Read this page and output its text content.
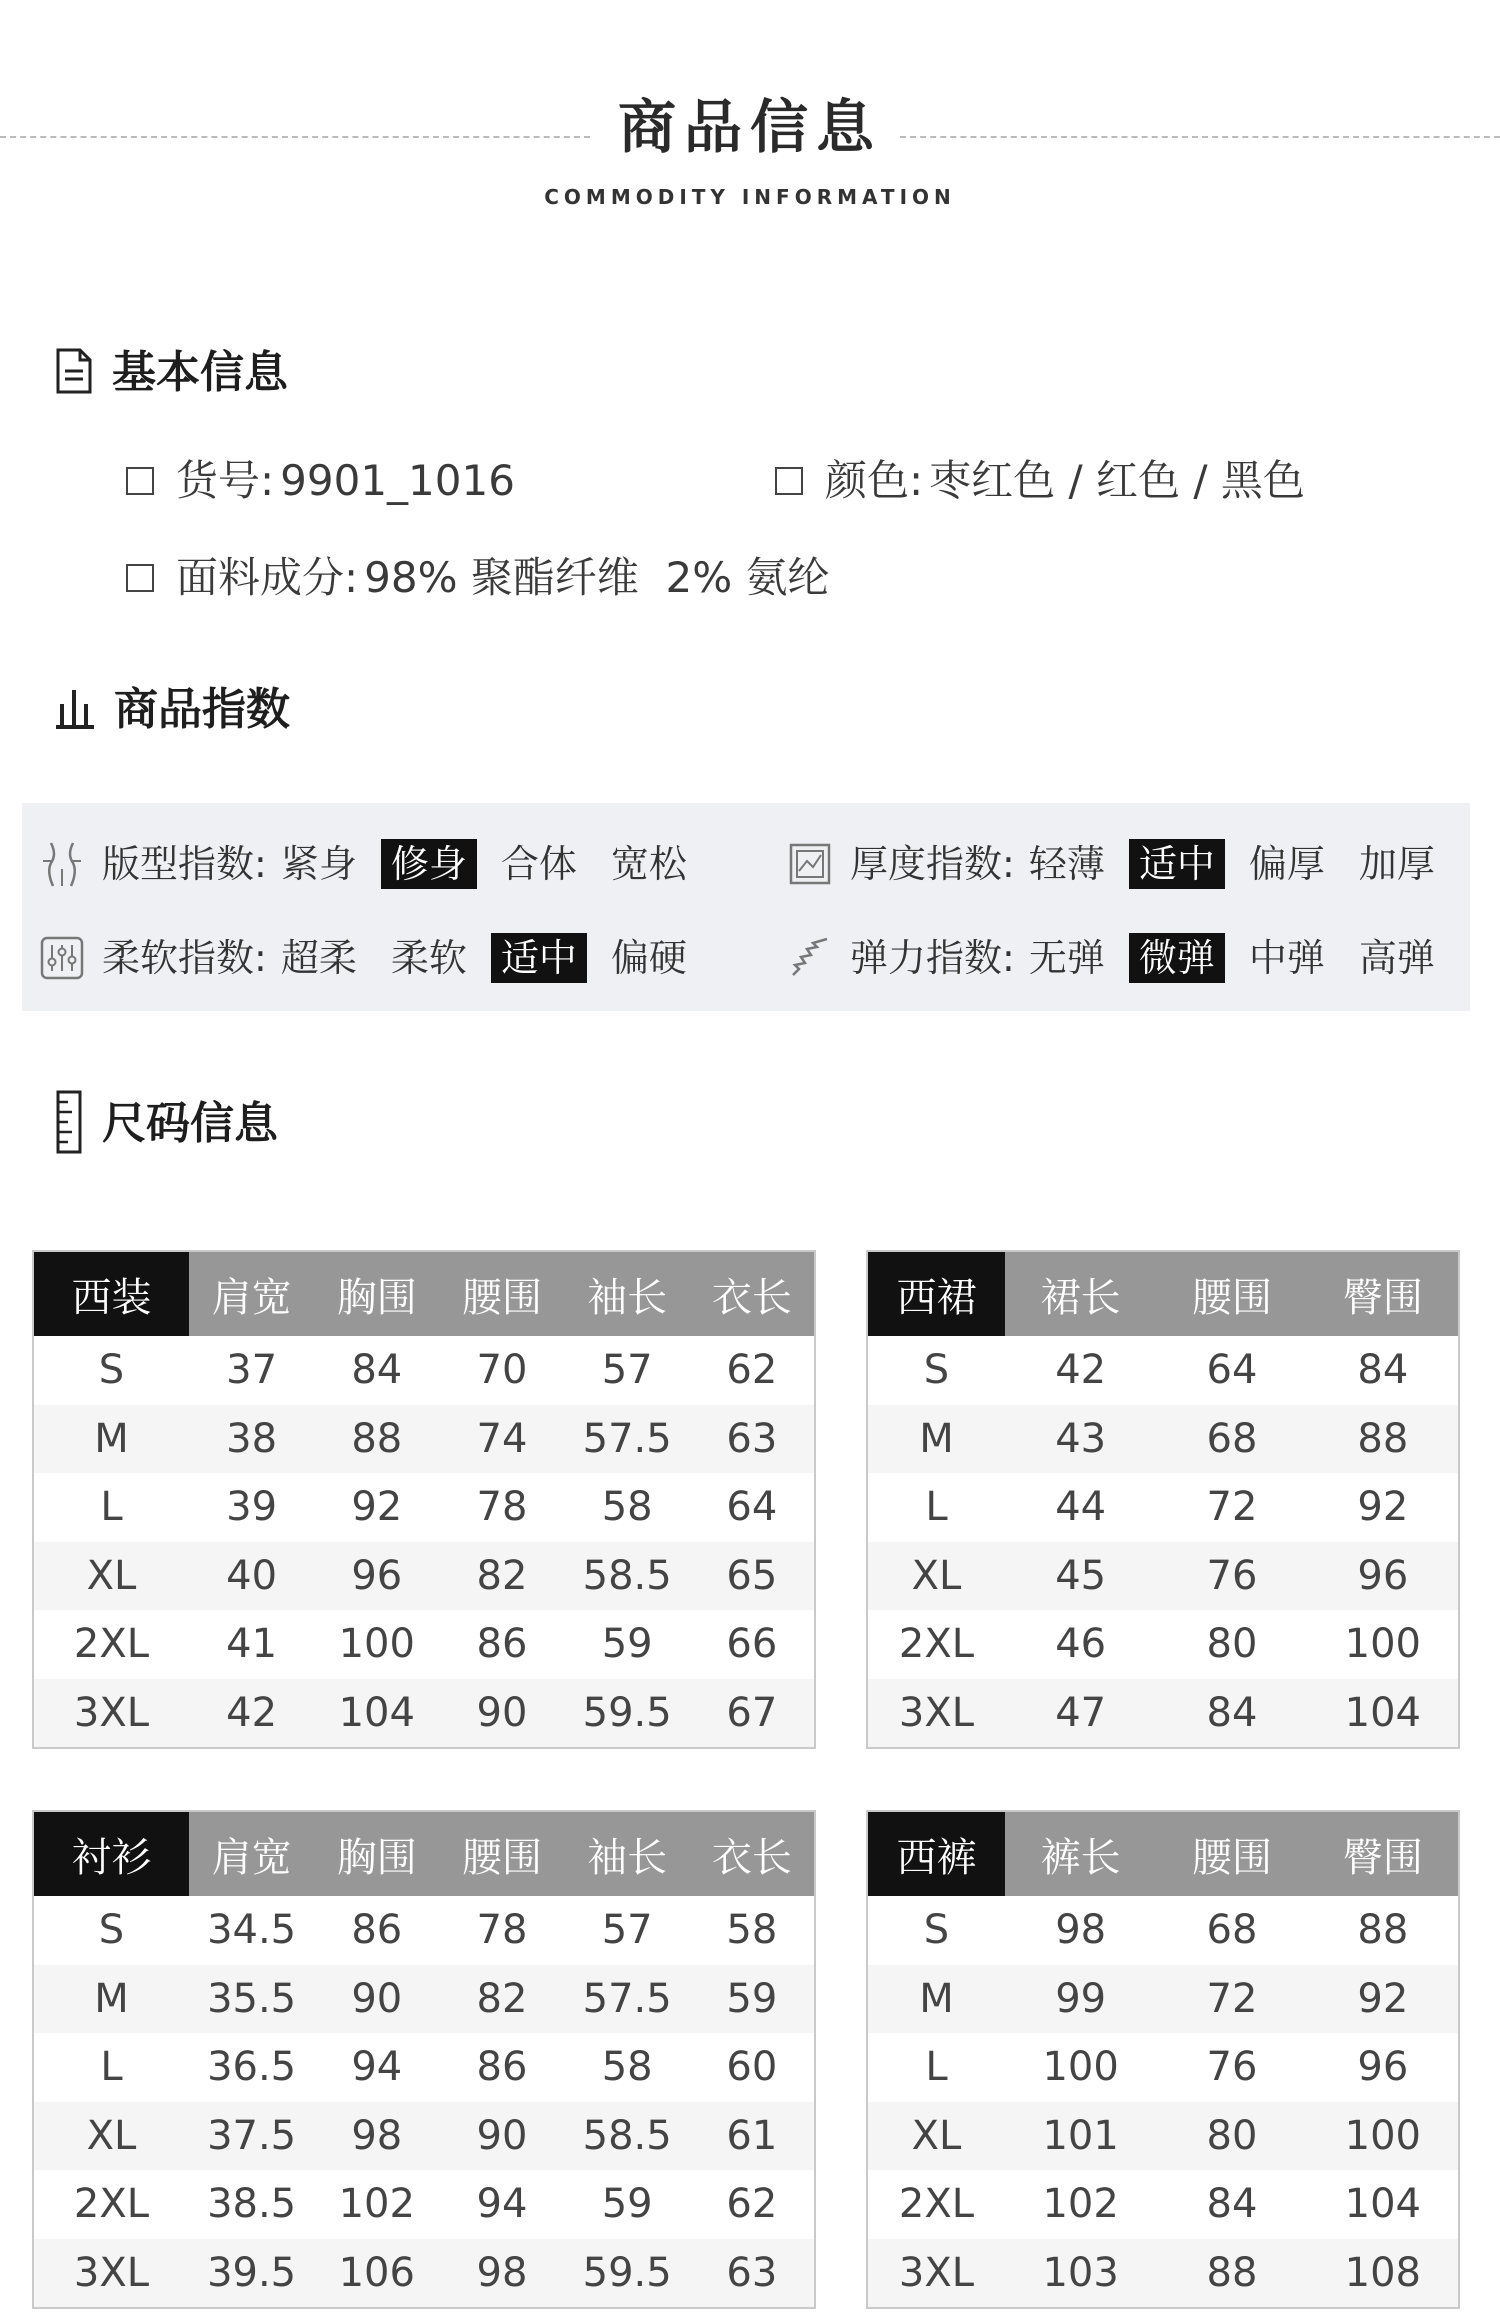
商品信息
COMMODITY INFORMATION
基本信息
货号: 9901_1016	颜色: 枣红色 / 红色 / 黑色
面料成分: 98% 聚酯纤维  2% 氨纶
商品指数
版型指数: 紧身 修身 合体 宽松	厚度指数: 轻薄 适中 偏厚 加厚
柔软指数: 超柔 柔软 适中 偏硬	弹力指数: 无弹 微弹 中弹 高弹
尺码信息
西装	肩宽	胸围	腰围	袖长	衣长
S	37	84	70	57	62
M	38	88	74	57.5	63
L	39	92	78	58	64
XL	40	96	82	58.5	65
2XL	41	100	86	59	66
3XL	42	104	90	59.5	67
西裙	裙长	腰围	臀围
S	42	64	84
M	43	68	88
L	44	72	92
XL	45	76	96
2XL	46	80	100
3XL	47	84	104
衬衫	肩宽	胸围	腰围	袖长	衣长
S	34.5	86	78	57	58
M	35.5	90	82	57.5	59
L	36.5	94	86	58	60
XL	37.5	98	90	58.5	61
2XL	38.5	102	94	59	62
3XL	39.5	106	98	59.5	63
西裤	裤长	腰围	臀围
S	98	68	88
M	99	72	92
L	100	76	96
XL	101	80	100
2XL	102	84	104
3XL	103	88	108
